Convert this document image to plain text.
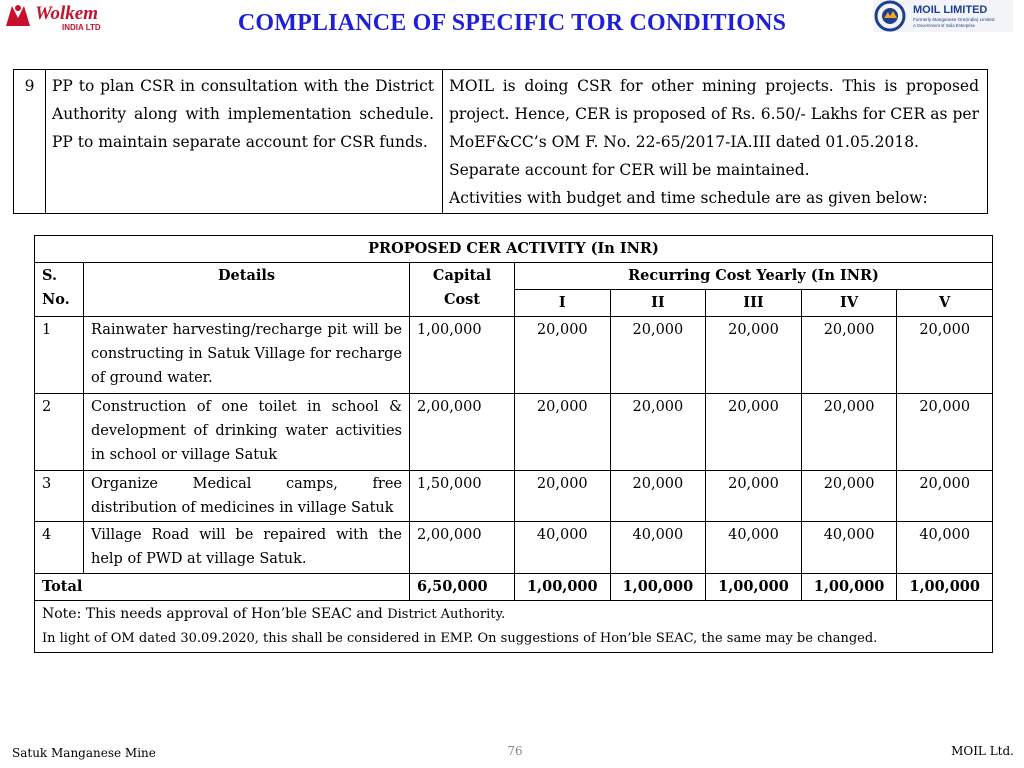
Wolkem
INDIA LTD	COMPLIANCE OF SPECIFIC TOR CONDITIONS	MOIL LIMITED
Formerly Manganese Ore(India) Limited
A Government of India Enterprise
9	PP to plan CSR in consultation with the District Authority along with implementation schedule. PP to maintain separate account for CSR funds.	
MOIL is doing CSR for other mining projects. This is proposed project. Hence, CER is proposed of Rs. 6.50/- Lakhs for CER as per MoEF&CC’s OM F. No. 22-65/2017-IA.III dated 01.05.2018.
Separate account for CER will be maintained.
Activities with budget and time schedule are as given below:
PROPOSED CER ACTIVITY (In INR)							
S. No.	Details	Capital Cost	Recurring Cost Yearly (In INR)				
			I	II	III	IV	V
1	Rainwater harvesting/recharge pit will be constructing in Satuk Village for recharge of ground water.	1,00,000	20,000	20,000	20,000	20,000	20,000
2	Construction of one toilet in school & development of drinking water activities in school or village Satuk	2,00,000	20,000	20,000	20,000	20,000	20,000
3	Organize Medical camps, free distribution of medicines in village Satuk	1,50,000	20,000	20,000	20,000	20,000	20,000
4	Village Road will be repaired with the help of PWD at village Satuk.	2,00,000	40,000	40,000	40,000	40,000	40,000
Total		6,50,000	1,00,000	1,00,000	1,00,000	1,00,000	1,00,000

Note: This needs approval of Hon’ble SEAC and District Authority.
In light of OM dated 30.09.2020, this shall be considered in EMP. On suggestions of Hon’ble SEAC, the same may be changed.							
Satuk Manganese Mine	76	MOIL Ltd.
